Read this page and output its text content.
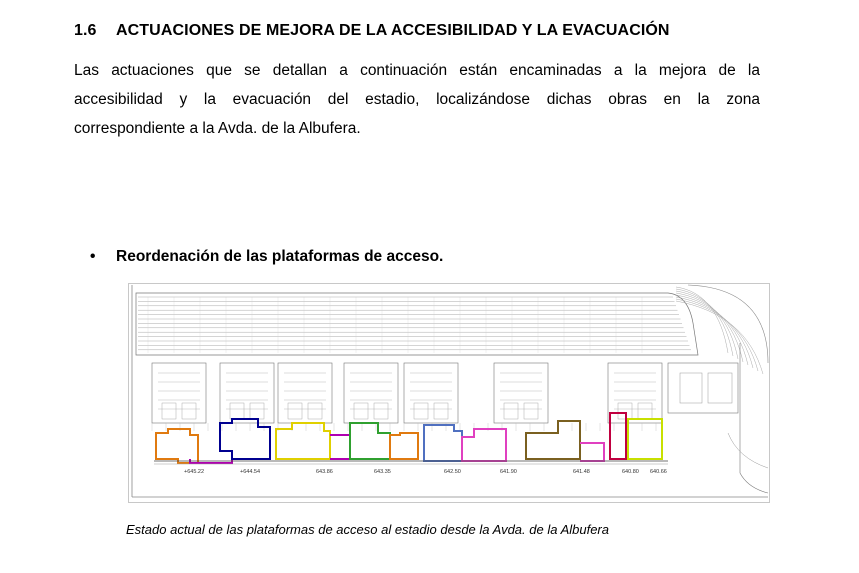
1.6 ACTUACIONES DE MEJORA DE LA ACCESIBILIDAD Y LA EVACUACIÓN
Las actuaciones que se detallan a continuación están encaminadas a la mejora de la
accesibilidad y la evacuación del estadio, localizándose dichas obras en la zona
correspondiente a la Avda. de la Albufera.
• Reordenación de las plataformas de acceso.
+645.22	+644.54	643.86	643.35	642.50	641.90	641.48	640.80 640.66
Estado actual de las plataformas de acceso al estadio desde la Avda. de la Albufera
